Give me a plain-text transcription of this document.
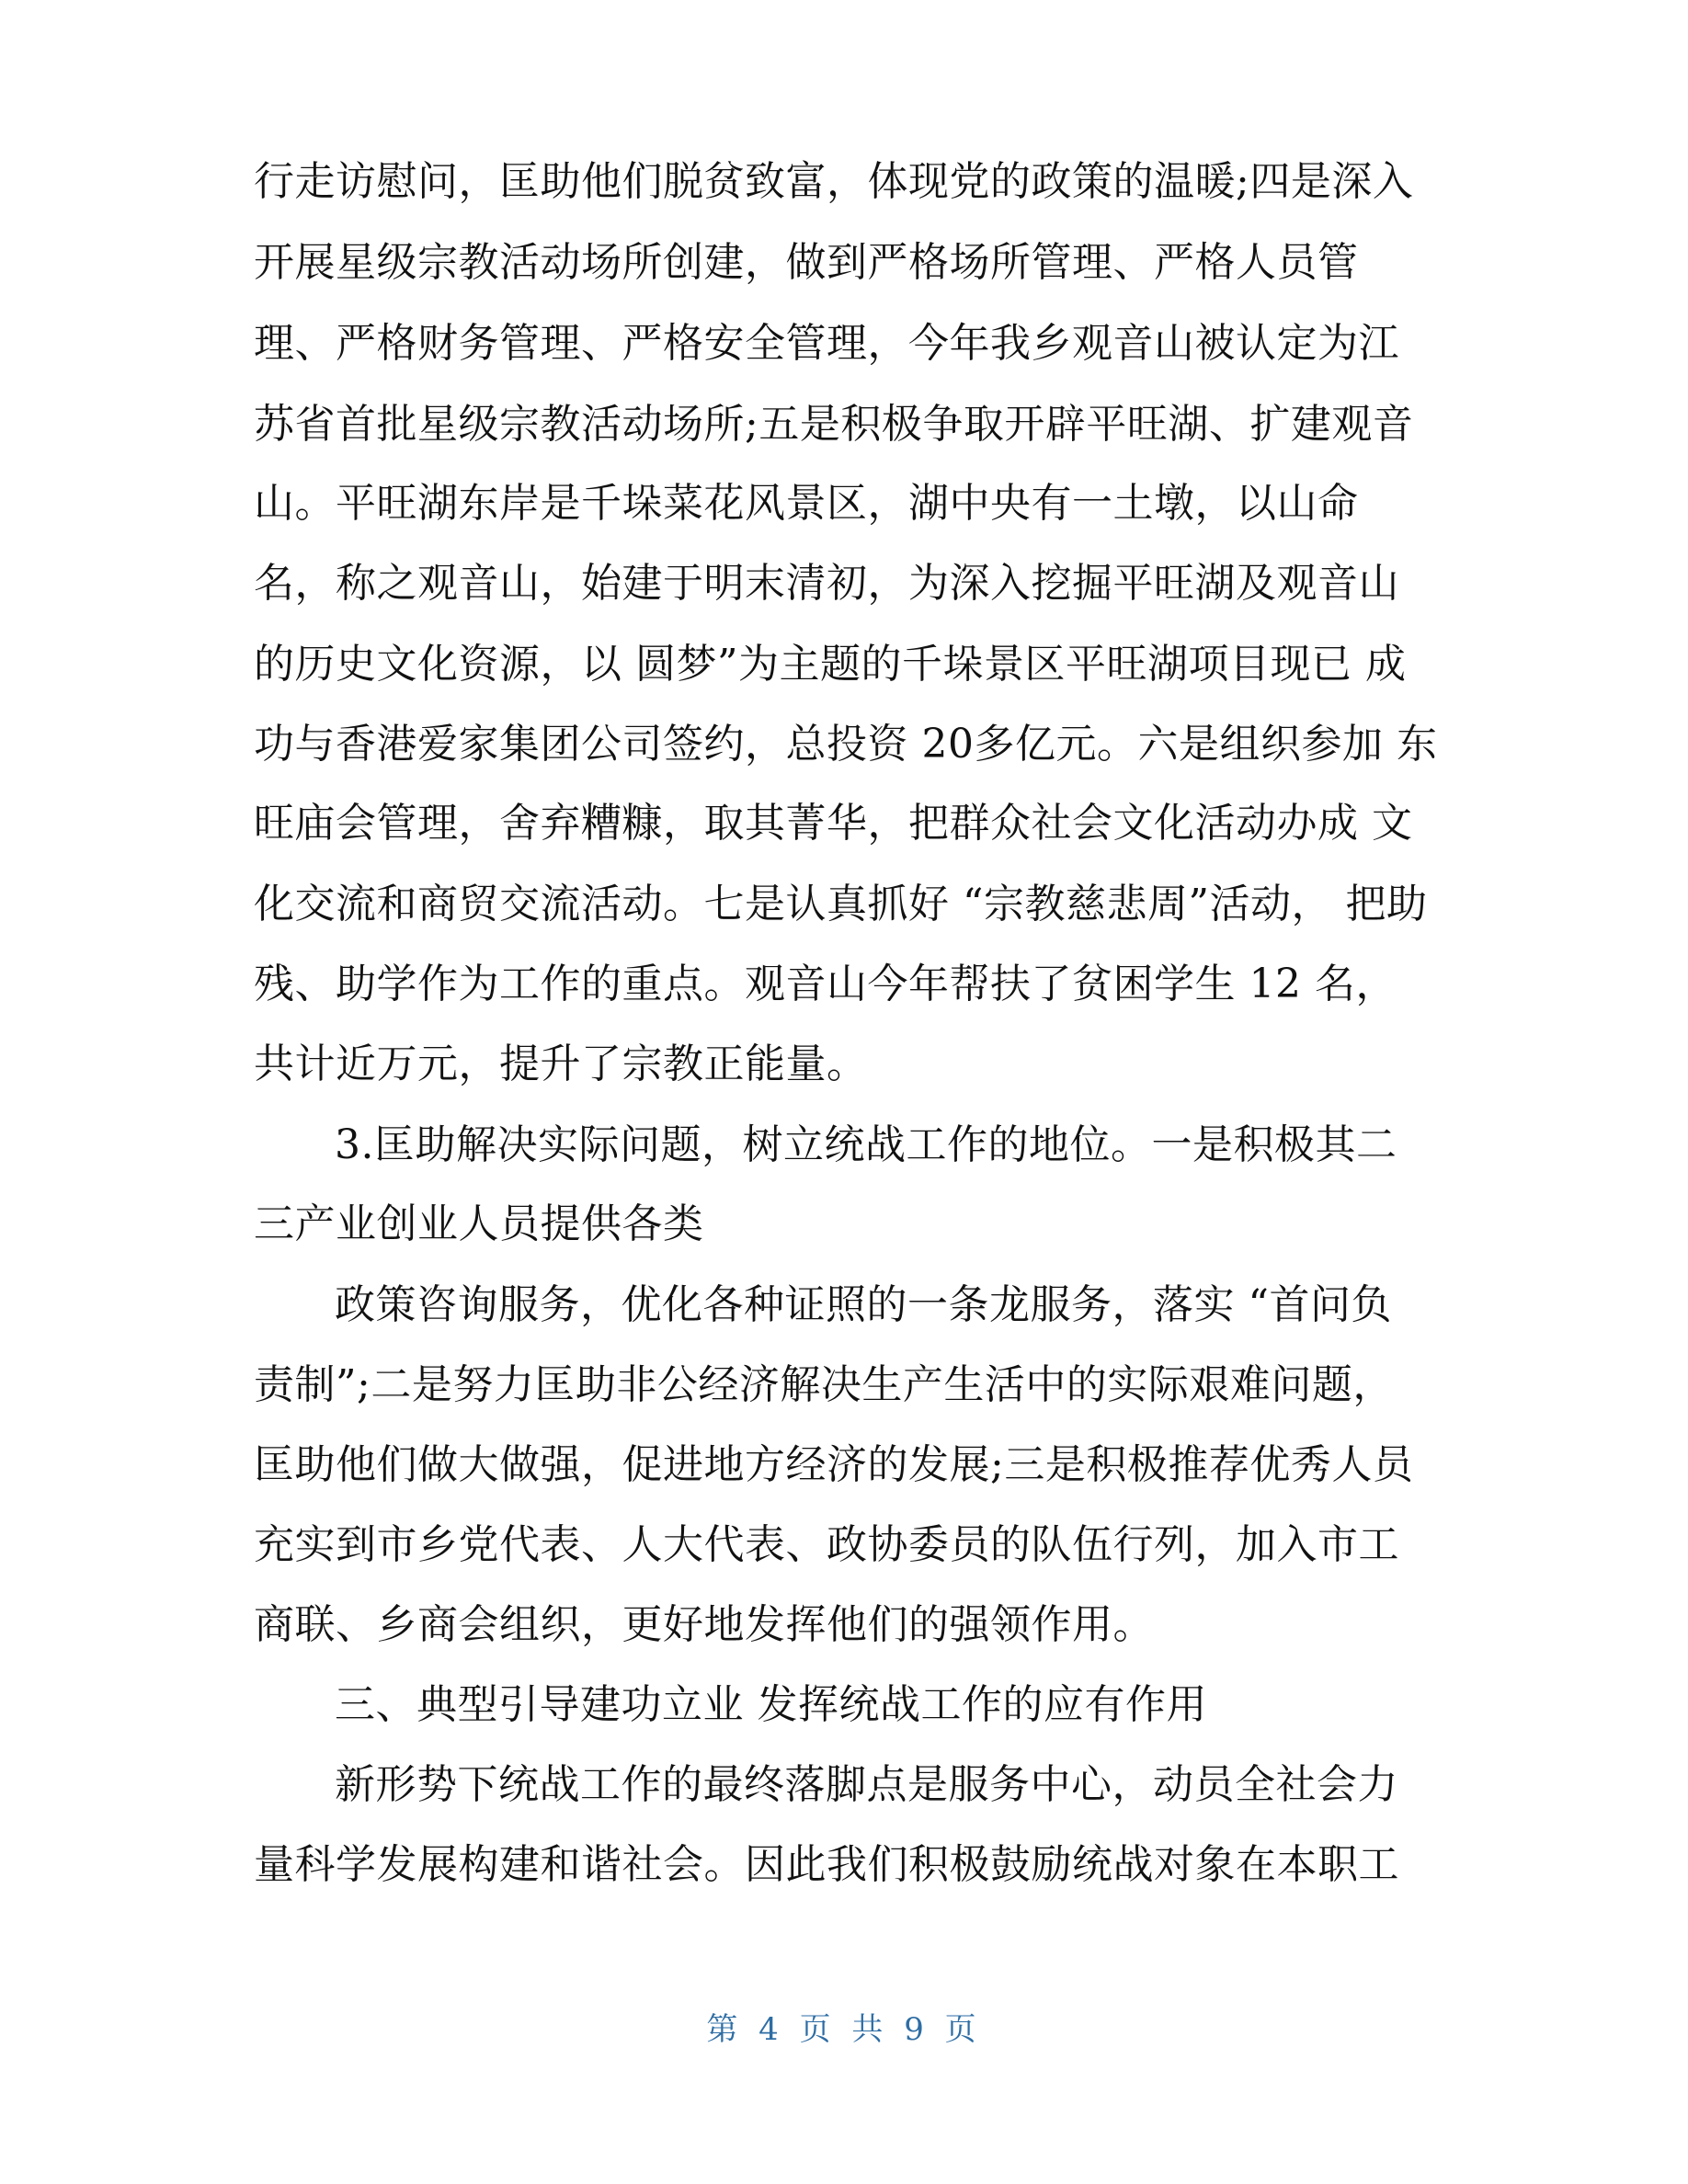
行走访慰问，匡助他们脱贫致富，体现党的政策的温暖;四是深入
开展星级宗教活动场所创建，做到严格场所管理、严格人员管
理、严格财务管理、严格安全管理，今年我乡观音山被认定为江
苏省首批星级宗教活动场所;五是积极争取开辟平旺湖、扩建观音
山。平旺湖东岸是千垛菜花风景区，湖中央有一土墩，以山命
名，称之观音山，始建于明末清初，为深入挖掘平旺湖及观音山
的历史文化资源，以 圆梦”为主题的千垛景区平旺湖项目现已 成
功与香港爱家集团公司签约，总投资 20多亿元。六是组织参加 东
旺庙会管理，舍弃糟糠，取其菁华，把群众社会文化活动办成 文
化交流和商贸交流活动。七是认真抓好 “宗教慈悲周”活动， 把助
残、助学作为工作的重点。观音山今年帮扶了贫困学生 12 名，
共计近万元，提升了宗教正能量。
3.匡助解决实际问题，树立统战工作的地位。一是积极其二
三产业创业人员提供各类
政策咨询服务，优化各种证照的一条龙服务，落实 “首问负
责制”;二是努力匡助非公经济解决生产生活中的实际艰难问题，
匡助他们做大做强，促进地方经济的发展;三是积极推荐优秀人员
充实到市乡党代表、人大代表、政协委员的队伍行列，加入市工
商联、乡商会组织，更好地发挥他们的强领作用。
三、典型引导建功立业 发挥统战工作的应有作用
新形势下统战工作的最终落脚点是服务中心，动员全社会力
量科学发展构建和谐社会。因此我们积极鼓励统战对象在本职工
第 4 页 共 9 页
